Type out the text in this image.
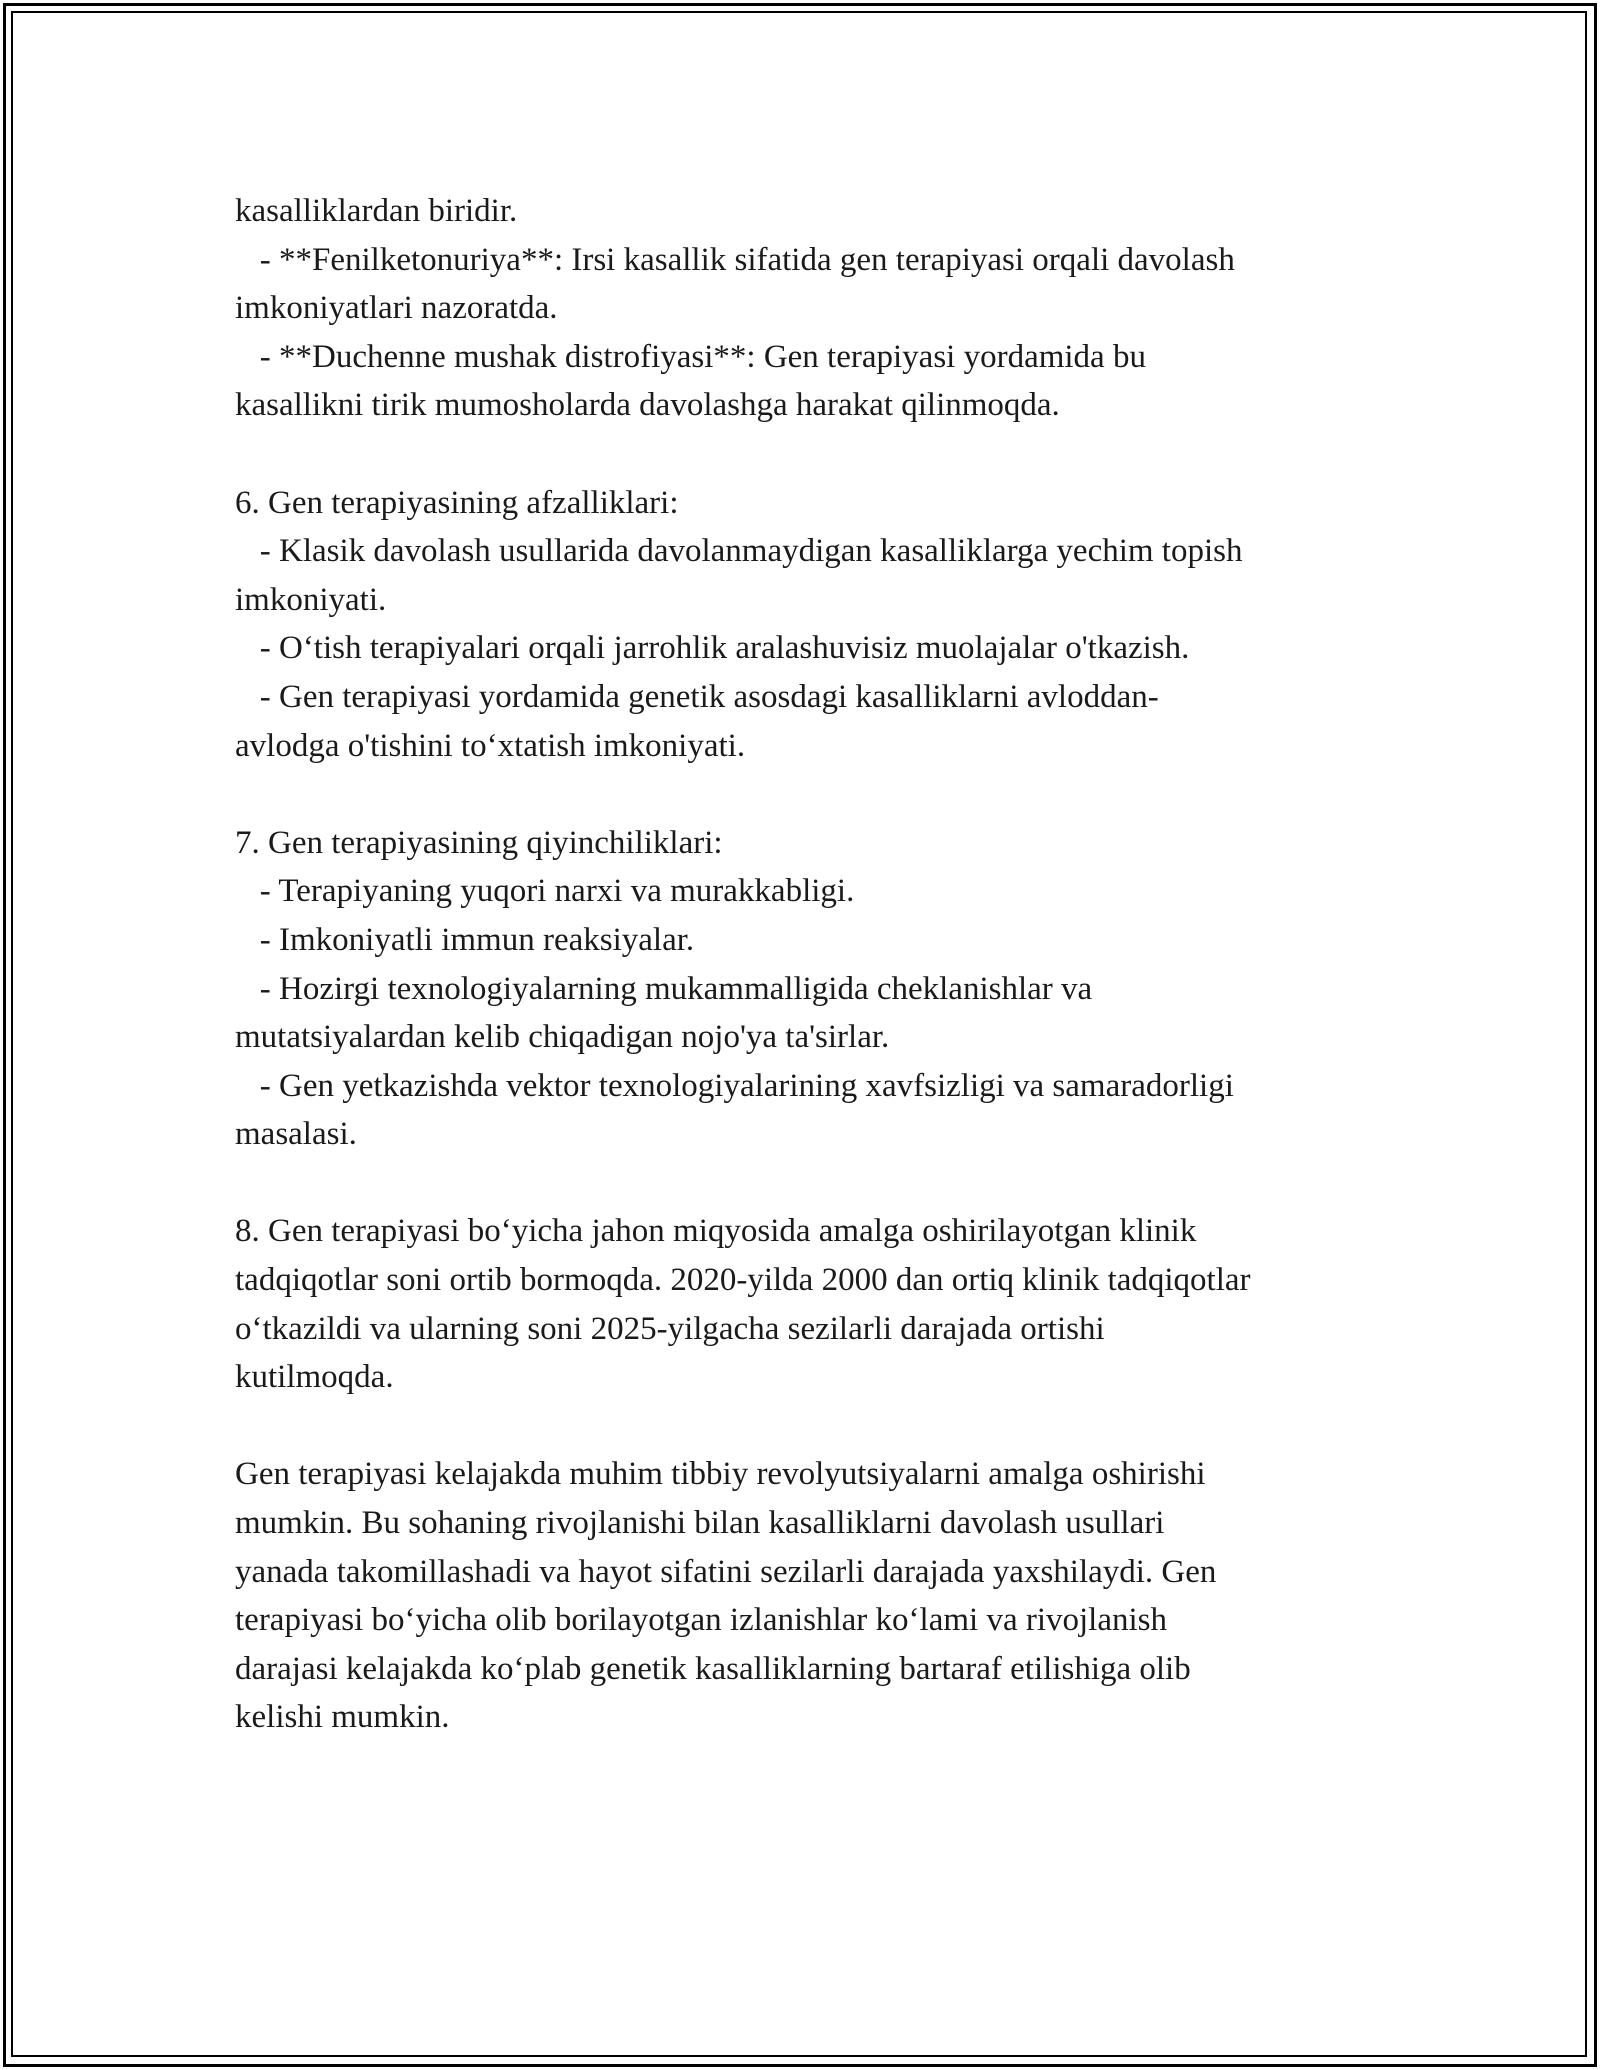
kasalliklardan biridir.
- **Fenilketonuriya**: Irsi kasallik sifatida gen terapiyasi orqali davolash
imkoniyatlari nazoratda.
- **Duchenne mushak distrofiyasi**: Gen terapiyasi yordamida bu
kasallikni tirik mumosholarda davolashga harakat qilinmoqda.
6. Gen terapiyasining afzalliklari:
- Klasik davolash usullarida davolanmaydigan kasalliklarga yechim topish
imkoniyati.
- O‘tish terapiyalari orqali jarrohlik aralashuvisiz muolajalar o'tkazish.
- Gen terapiyasi yordamida genetik asosdagi kasalliklarni avloddan-
avlodga o'tishini to‘xtatish imkoniyati.
7. Gen terapiyasining qiyinchiliklari:
- Terapiyaning yuqori narxi va murakkabligi.
- Imkoniyatli immun reaksiyalar.
- Hozirgi texnologiyalarning mukammalligida cheklanishlar va
mutatsiyalardan kelib chiqadigan nojo'ya ta'sirlar.
- Gen yetkazishda vektor texnologiyalarining xavfsizligi va samaradorligi
masalasi.
8. Gen terapiyasi bo‘yicha jahon miqyosida amalga oshirilayotgan klinik
tadqiqotlar soni ortib bormoqda. 2020-yilda 2000 dan ortiq klinik tadqiqotlar
o‘tkazildi va ularning soni 2025-yilgacha sezilarli darajada ortishi
kutilmoqda.
Gen terapiyasi kelajakda muhim tibbiy revolyutsiyalarni amalga oshirishi
mumkin. Bu sohaning rivojlanishi bilan kasalliklarni davolash usullari
yanada takomillashadi va hayot sifatini sezilarli darajada yaxshilaydi. Gen
terapiyasi bo‘yicha olib borilayotgan izlanishlar ko‘lami va rivojlanish
darajasi kelajakda ko‘plab genetik kasalliklarning bartaraf etilishiga olib
kelishi mumkin.
